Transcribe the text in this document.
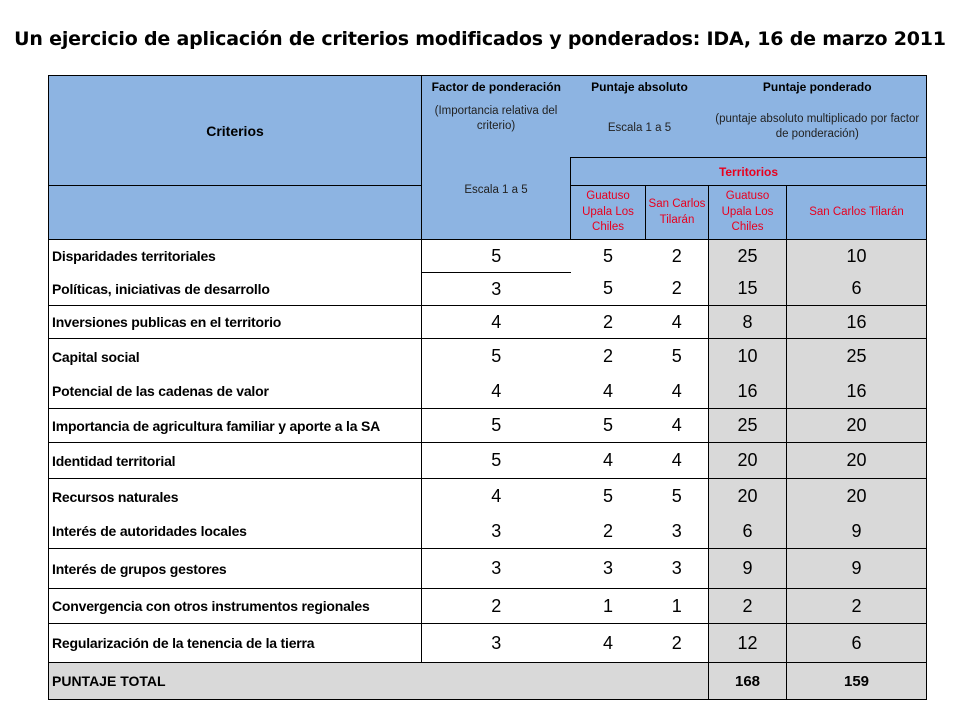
Un ejercicio de aplicación de criterios modificados y ponderados: IDA, 16 de marzo 2011
Criterios	Factor de ponderación	Puntaje absoluto		Puntaje ponderado	

	(Importancia relativa del criterio)
Escala 1 a 5	Escala 1 a 5		(puntaje absoluto multiplicado por factor de ponderación)	

		Territorios			

		Guatuso Upala Los Chiles	San Carlos Tilarán	Guatuso Upala Los Chiles	San Carlos Tilarán

Disparidades territoriales	5	5	2	25	10
Políticas, iniciativas de desarrollo	3	5	2	15	6
Inversiones publicas en el territorio	4	2	4	8	16
Capital social	5	2	5	10	25
Potencial de las cadenas de valor	4	4	4	16	16
Importancia de agricultura familiar y aporte a la SA	5	5	4	25	20
Identidad territorial	5	4	4	20	20
Recursos naturales	4	5	5	20	20
Interés de autoridades locales	3	2	3	6	9
Interés de grupos gestores	3	3	3	9	9
Convergencia con otros instrumentos regionales	2	1	1	2	2
Regularización de la tenencia de la tierra	3	4	2	12	6
PUNTAJE TOTAL				168	159
